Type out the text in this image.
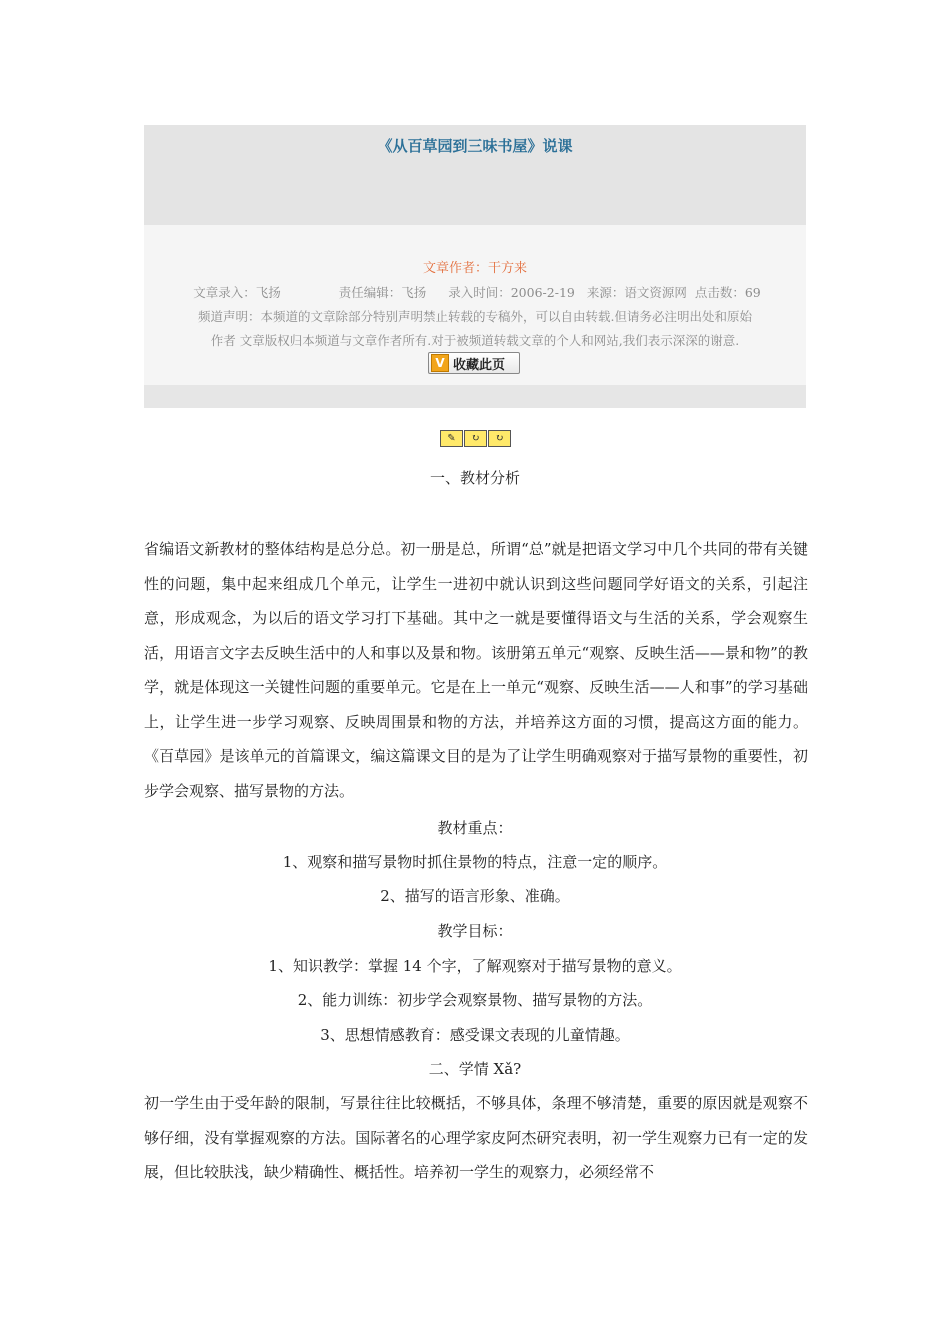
《从百草园到三味书屋》说课
文章作者：干方来
文章录入：飞扬	责任编辑：飞扬 录入时间：2006-2-19 来源：语文资源网 点击数：69
频道声明：本频道的文章除部分特别声明禁止转载的专稿外，可以自由转载.但请务必注明出处和原始
作者 文章版权归本频道与文章作者所有.对于被频道转载文章的个人和网站,我们表示深深的谢意.
V 收藏此页
✎	↻	↻
一、教材分析
省编语文新教材的整体结构是总分总。初一册是总，所谓“总”就是把语文学习中几个共同的带有关键性的问题，集中起来组成几个单元，让学生一进初中就认识到这些问题同学好语文的关系，引起注意，形成观念，为以后的语文学习打下基础。其中之一就是要懂得语文与生活的关系，学会观察生活，用语言文字去反映生活中的人和事以及景和物。该册第五单元“观察、反映生活——景和物”的教学，就是体现这一关键性问题的重要单元。它是在上一单元“观察、反映生活——人和事”的学习基础上，让学生进一步学习观察、反映周围景和物的方法，并培养这方面的习惯，提高这方面的能力。《百草园》是该单元的首篇课文，编这篇课文目的是为了让学生明确观察对于描写景物的重要性，初步学会观察、描写景物的方法。
教材重点：
1、观察和描写景物时抓住景物的特点，注意一定的顺序。
2、描写的语言形象、准确。
教学目标：
1、知识教学：掌握 14 个字，了解观察对于描写景物的意义。
2、能力训练：初步学会观察景物、描写景物的方法。
3、思想情感教育：感受课文表现的儿童情趣。
二、学情 Xǎ?
初一学生由于受年龄的限制，写景往往比较概括，不够具体，条理不够清楚，重要的原因就是观察不够仔细，没有掌握观察的方法。国际著名的心理学家皮阿杰研究表明，初一学生观察力已有一定的发展，但比较肤浅，缺少精确性、概括性。培养初一学生的观察力，必须经常不
